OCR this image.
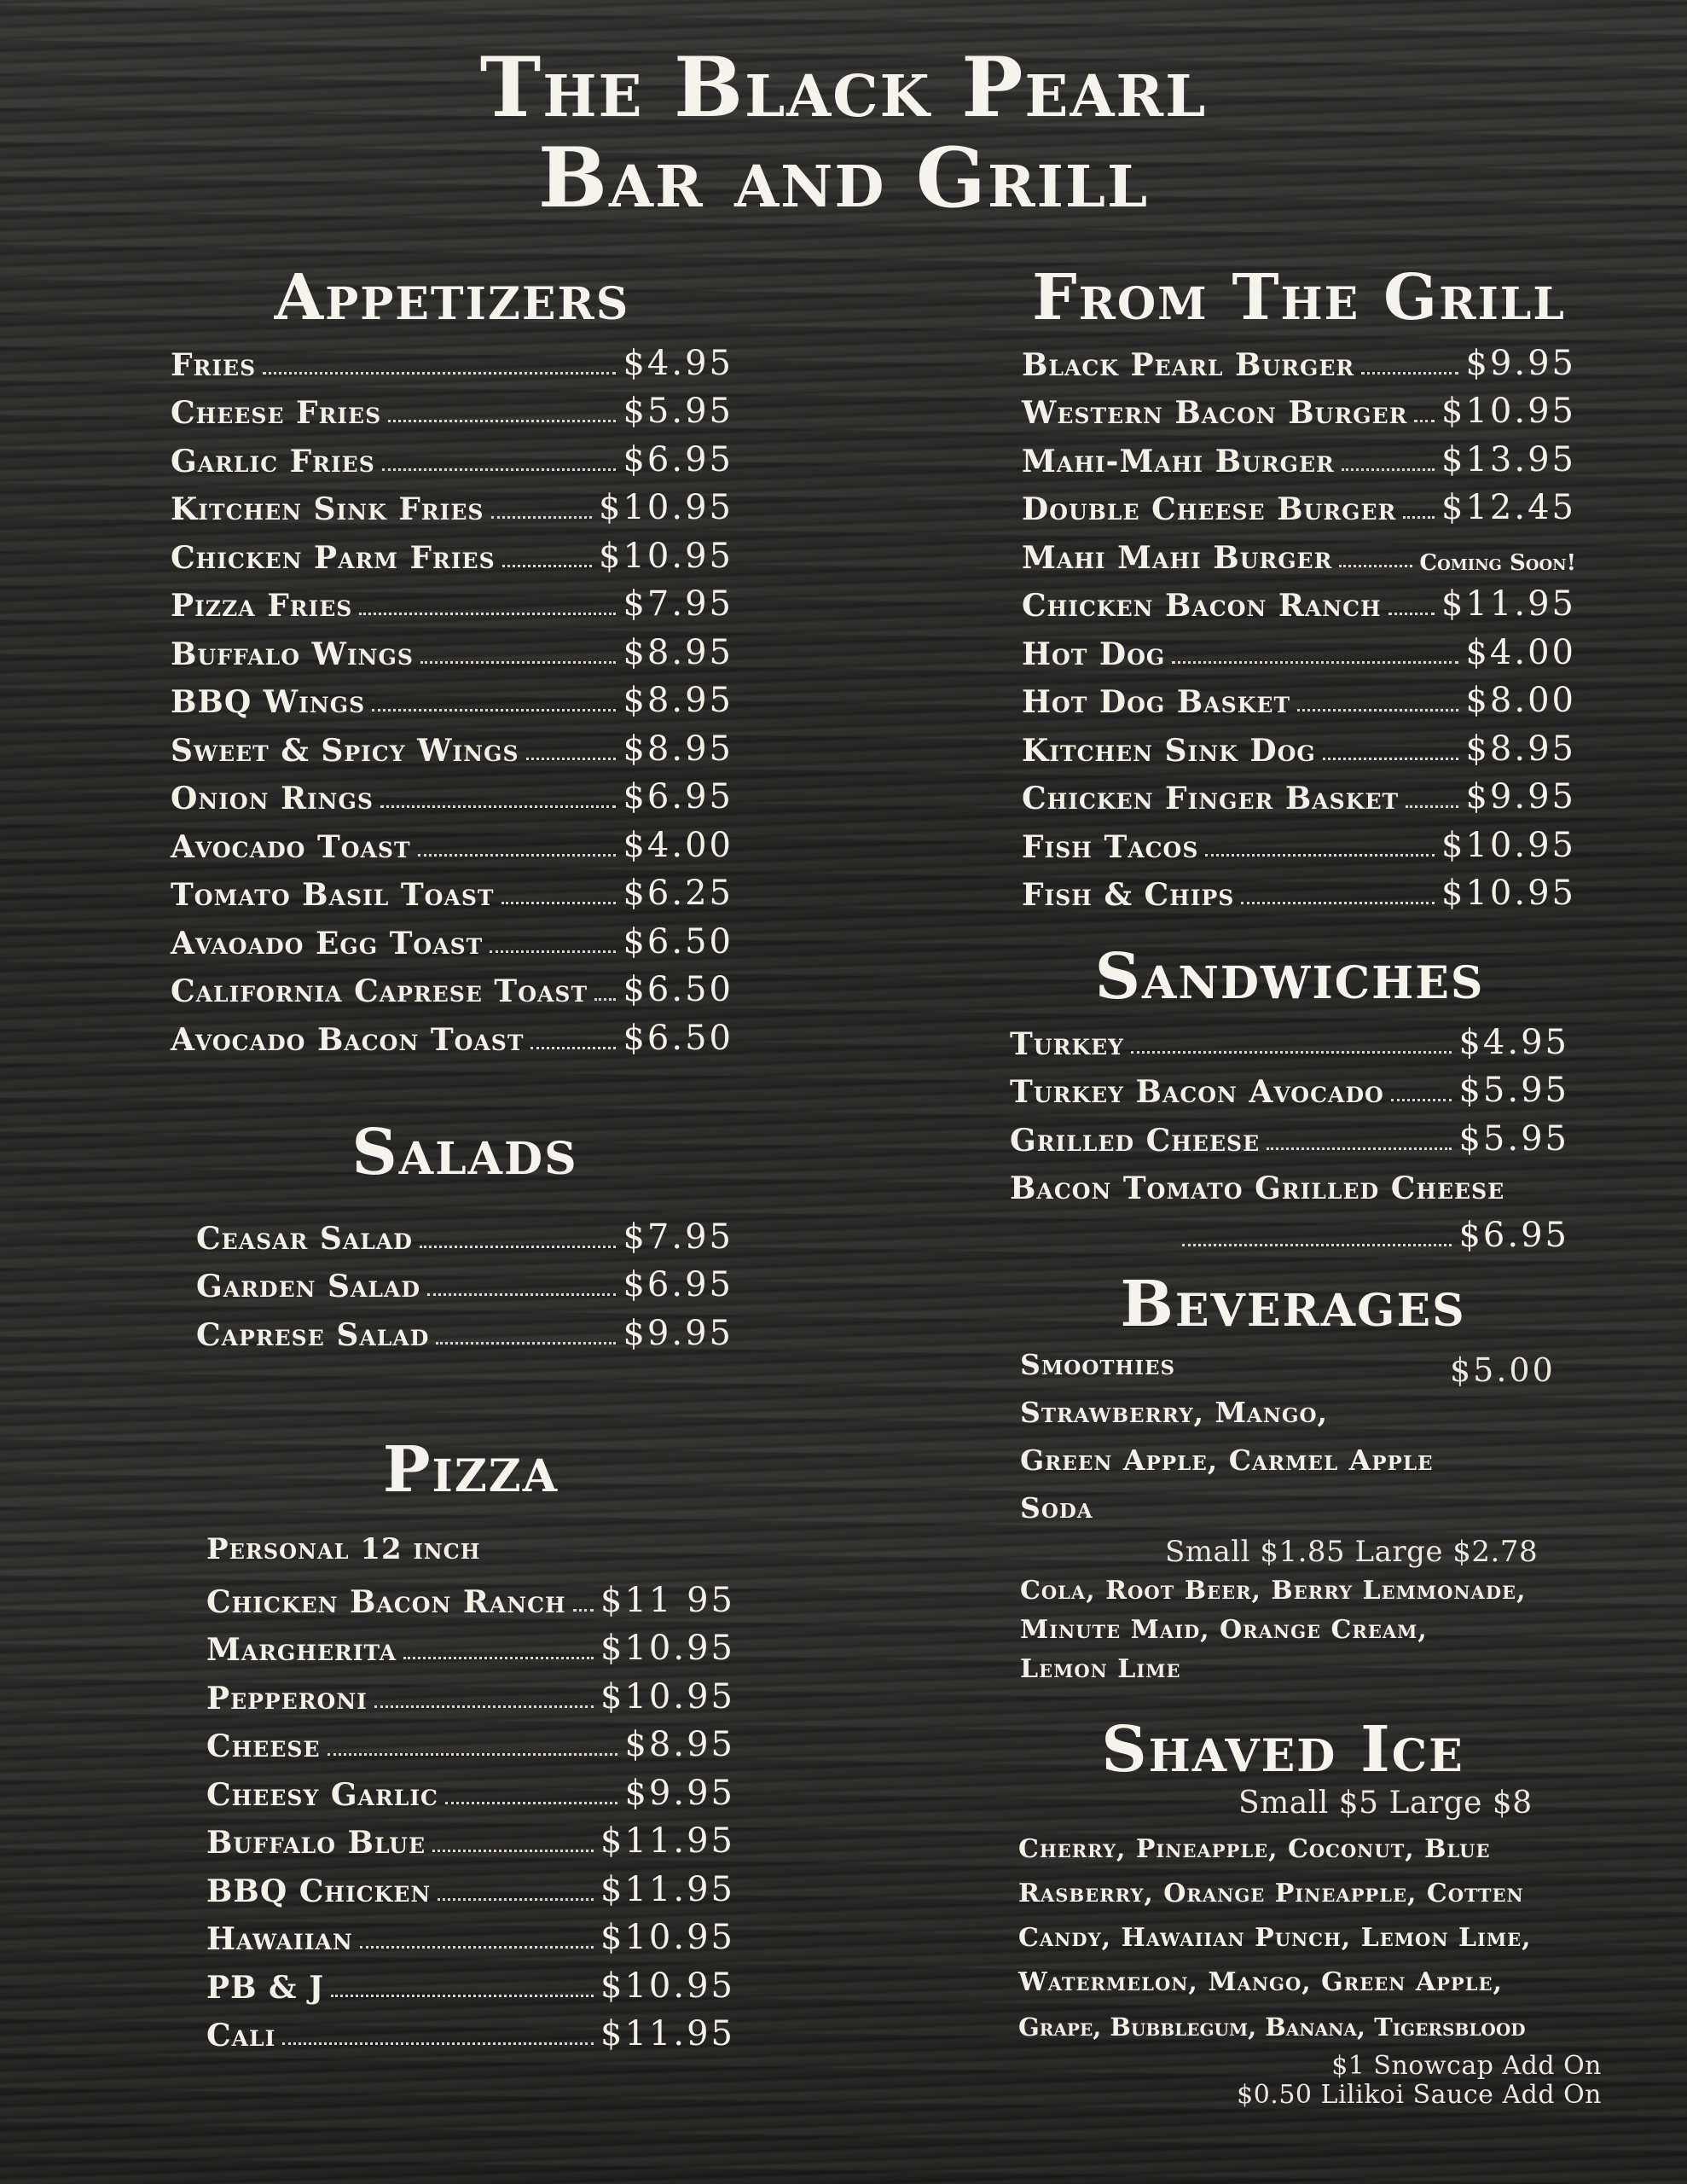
The Black Pearl
Bar and Grill
Appetizers
Fries	$4.95
Cheese Fries	$5.95
Garlic Fries	$6.95
Kitchen Sink Fries	$10.95
Chicken Parm Fries	$10.95
Pizza Fries	$7.95
Buffalo Wings	$8.95
BBQ Wings	$8.95
Sweet & Spicy Wings	$8.95
Onion Rings	$6.95
Avocado Toast	$4.00
Tomato Basil Toast	$6.25
Avaoado Egg Toast	$6.50
California Caprese Toast $6.50
Avocado Bacon Toast	$6.50
Salads
Ceasar Salad	$7.95
Garden Salad	$6.95
Caprese Salad	$9.95
Pizza
Personal 12 inch
Chicken Bacon Ranch $11 95
Margherita	$10.95
Pepperoni	$10.95
Cheese	$8.95
Cheesy Garlic	$9.95
Buffalo Blue	$11.95
BBQ Chicken	$11.95
Hawaiian	$10.95
PB & J	$10.95
Cali	$11.95
From The Grill
Black Pearl Burger	$9.95
Western Bacon Burger $10.95
Mahi-Mahi Burger	$13.95
Double Cheese Burger $12.45
Mahi Mahi Burger	Coming Soon!
Chicken Bacon Ranch $11.95
Hot Dog	$4.00
Hot Dog Basket	$8.00
Kitchen Sink Dog	$8.95
Chicken Finger Basket $9.95
Fish Tacos	$10.95
Fish & Chips	$10.95
Sandwiches
Turkey	$4.95
Turkey Bacon Avocado $5.95
Grilled Cheese	$5.95
Bacon Tomato Grilled Cheese
$6.95
Beverages
Smoothies	$5.00
Strawberry, Mango,
Green Apple, Carmel Apple
Soda
Small $1.85 Large $2.78
Cola, Root Beer, Berry Lemmonade,
Minute Maid, Orange Cream,
Lemon Lime
Shaved Ice
Small $5 Large $8
Cherry, Pineapple, Coconut, Blue
Rasberry, Orange Pineapple, Cotten
Candy, Hawaiian Punch, Lemon Lime,
Watermelon, Mango, Green Apple,
Grape, Bubblegum, Banana, Tigersblood
$1 Snowcap Add On
$0.50 Lilikoi Sauce Add On
